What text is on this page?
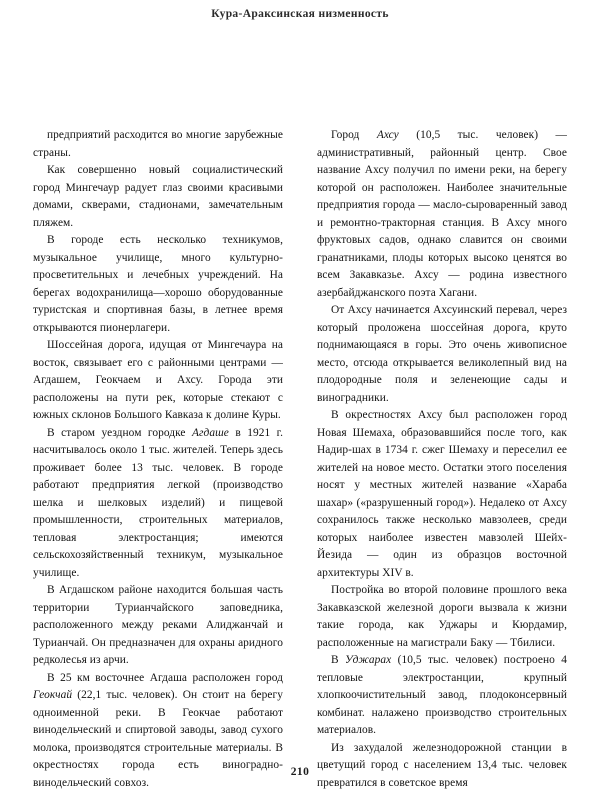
Кура-Араксинская низменность

предприятий расходится во многие зарубежные страны.

Как совершенно новый социалистический город Мингечаур радует глаз своими красивыми домами, скверами, стадионами, замечательным пляжем.

В городе есть несколько техникумов, музыкальное училище, много культурно-просветительных и лечебных учреждений. На берегах водохранилища—хорошо оборудованные туристская и спортивная базы, в летнее время открываются пионерлагери.

Шоссейная дорога, идущая от Мингечаура на восток, связывает его с районными центрами — Агдашем, Геокчаем и Ахсу. Города эти расположены на пути рек, которые стекают с южных склонов Большого Кавказа к долине Куры.

В старом уездном городке Агдаше в 1921 г. насчитывалось около 1 тыс. жителей. Теперь здесь проживает более 13 тыс. человек. В городе работают предприятия легкой (производство шелка и шелковых изделий) и пищевой промышленности, строительных материалов, тепловая электростанция; имеются сельскохозяйственный техникум, музыкальное училище.

В Агдашском районе находится большая часть территории Турианчайского заповедника, расположенного между реками Алиджанчай и Турианчай. Он предназначен для охраны аридного редколесья из арчи.

В 25 км восточнее Агдаша расположен город Геокчай (22,1 тыс. человек). Он стоит на берегу одноименной реки. В Геокчае работают винодельческий и спиртовой заводы, завод сухого молока, производятся строительные материалы. В окрестностях города есть виноградно-винодельческий совхоз.

Город Ахсу (10,5 тыс. человек) — административный, районный центр. Свое название Ахсу получил по имени реки, на берегу которой он расположен. Наиболее значительные предприятия города — масло-сыроваренный завод и ремонтно-тракторная станция. В Ахсу много фруктовых садов, однако славится он своими гранатниками, плоды которых высоко ценятся во всем Закавказье. Ахсу — родина известного азербайджанского поэта Хагани.

От Ахсу начинается Ахсуинский перевал, через который проложена шоссейная дорога, круто поднимающаяся в горы. Это очень живописное место, отсюда открывается великолепный вид на плодородные поля и зеленеющие сады и виноградники.

В окрестностях Ахсу был расположен город Новая Шемаха, образовавшийся после того, как Надир-шах в 1734 г. сжег Шемаху и переселил ее жителей на новое место. Остатки этого поселения носят у местных жителей название «Хараба шахар» («разрушенный город»). Недалеко от Ахсу сохранилось также несколько мавзолеев, среди которых наиболее известен мавзолей Шейх-Йезида — один из образцов восточной архитектуры XIV в.

Постройка во второй половине прошлого века Закавказской железной дороги вызвала к жизни такие города, как Уджары и Кюрдамир, расположенные на магистрали Баку — Тбилиси.

В Уджарах (10,5 тыс. человек) построено 4 тепловые электростанции, крупный хлопкоочистительный завод, плодоконсервный комбинат. налажено производство строительных материалов.

Из захудалой железнодорожной станции в цветущий город с населением 13,4 тыс. человек превратился в советское время

210
